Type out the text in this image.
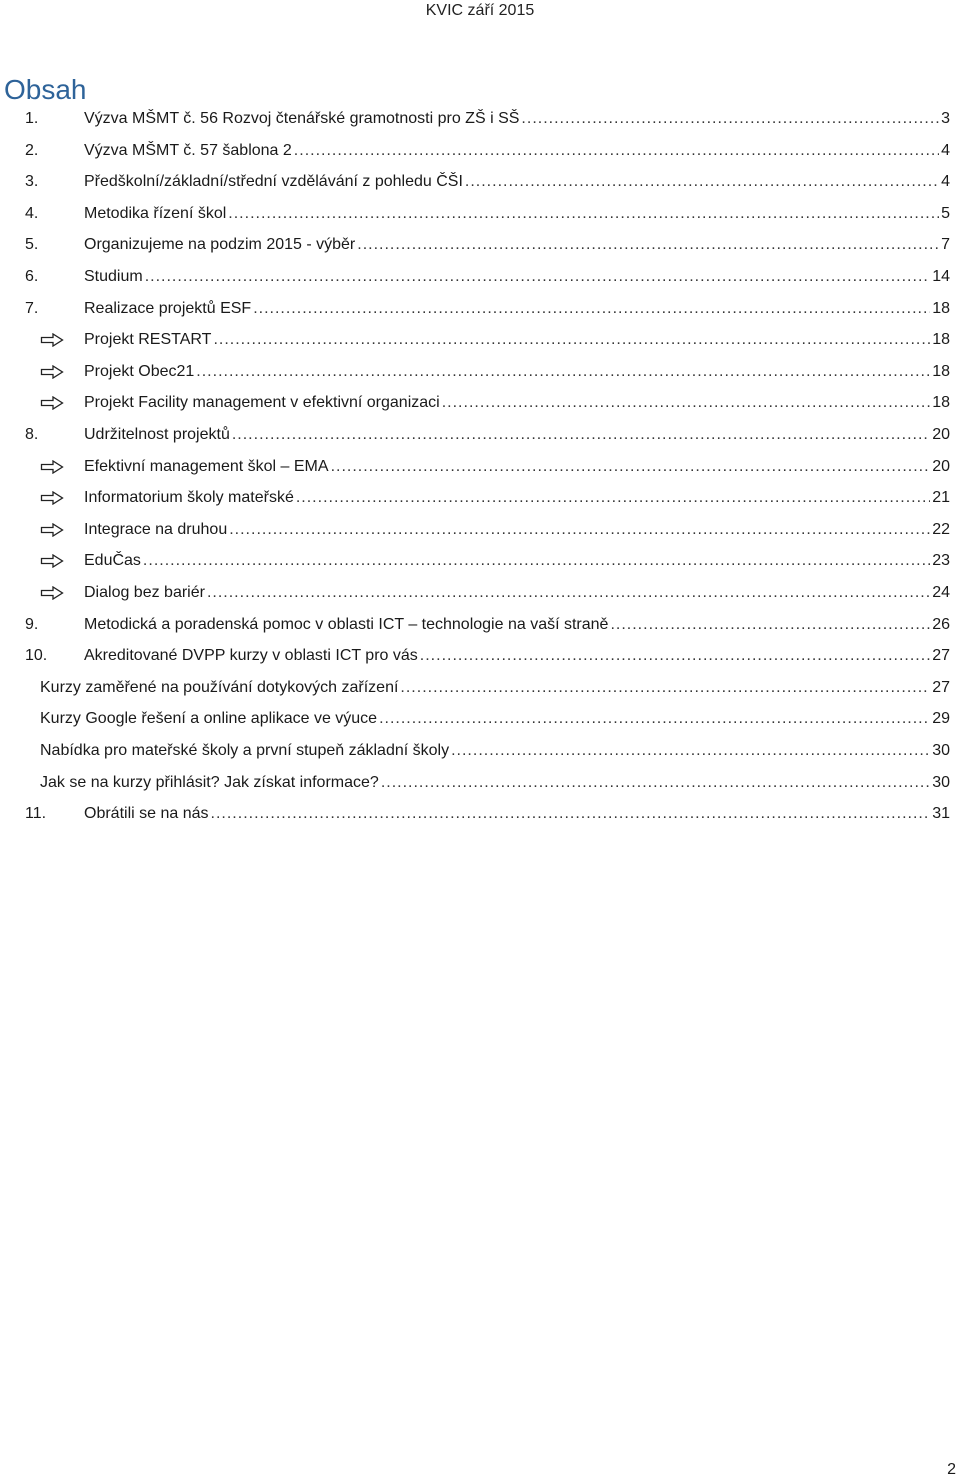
KVIC září 2015
Obsah
1.	Výzva MŠMT č. 56 Rozvoj čtenářské gramotnosti pro ZŠ i SŠ .....	3
2.	Výzva MŠMT č. 57 šablona 2 .....	4
3.	Předškolní/základní/střední vzdělávání z pohledu ČŠI .....	4
4.	Metodika řízení škol .....	5
5.	Organizujeme na podzim 2015 - výběr .....	7
6.	Studium .....	14
7.	Realizace projektů ESF .....	18
Projekt RESTART .....	18
Projekt Obec21 .....	18
Projekt Facility management v efektivní organizaci .....	18
8.	Udržitelnost projektů .....	20
Efektivní management škol – EMA .....	20
Informatorium školy mateřské .....	21
Integrace na druhou .....	22
EduČas .....	23
Dialog bez bariér .....	24
9.	Metodická a poradenská pomoc v oblasti ICT – technologie na vaší straně .....	26
10. Akreditované DVPP kurzy v oblasti ICT pro vás .....	27
Kurzy zaměřené na používání dotykových zařízení .....	27
Kurzy Google řešení a online aplikace ve výuce .....	29
Nabídka pro mateřské školy a první stupeň základní školy .....	30
Jak se na kurzy přihlásit? Jak získat informace? .....	30
11. Obrátili se na nás .....	31
2
